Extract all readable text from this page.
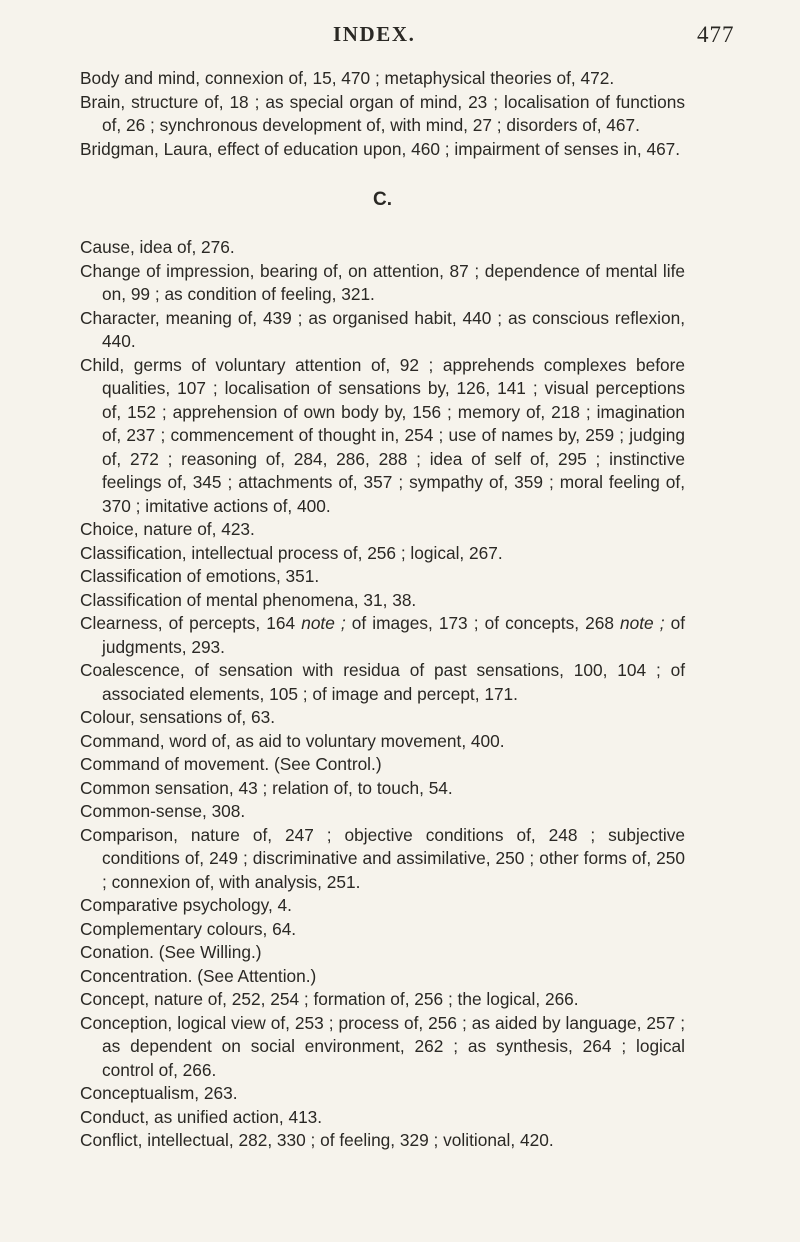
INDEX.	477

Body and mind, connexion of, 15, 470 ; metaphysical theories of, 472.

Brain, structure of, 18 ; as special organ of mind, 23 ; localisation of functions of, 26 ; synchronous development of, with mind, 27 ; disorders of, 467.

Bridgman, Laura, effect of education upon, 460 ; impairment of senses in, 467.

C.

Cause, idea of, 276.

Change of impression, bearing of, on attention, 87 ; dependence of mental life on, 99 ; as condition of feeling, 321.

Character, meaning of, 439 ; as organised habit, 440 ; as conscious reflexion, 440.

Child, germs of voluntary attention of, 92 ; apprehends complexes before qualities, 107 ; localisation of sensations by, 126, 141 ; visual perceptions of, 152 ; apprehension of own body by, 156 ; memory of, 218 ; imagination of, 237 ; commencement of thought in, 254 ; use of names by, 259 ; judging of, 272 ; reasoning of, 284, 286, 288 ; idea of self of, 295 ; instinctive feelings of, 345 ; attachments of, 357 ; sympathy of, 359 ; moral feeling of, 370 ; imitative actions of, 400.

Choice, nature of, 423.

Classification, intellectual process of, 256 ; logical, 267.

Classification of emotions, 351.

Classification of mental phenomena, 31, 38.

Clearness, of percepts, 164 note ; of images, 173 ; of concepts, 268 note ; of judgments, 293.

Coalescence, of sensation with residua of past sensations, 100, 104 ; of associated elements, 105 ; of image and percept, 171.

Colour, sensations of, 63.

Command, word of, as aid to voluntary movement, 400.

Command of movement. (See Control.)

Common sensation, 43 ; relation of, to touch, 54.

Common-sense, 308.

Comparison, nature of, 247 ; objective conditions of, 248 ; subjective conditions of, 249 ; discriminative and assimilative, 250 ; other forms of, 250 ; connexion of, with analysis, 251.

Comparative psychology, 4.

Complementary colours, 64.

Conation. (See Willing.)

Concentration. (See Attention.)

Concept, nature of, 252, 254 ; formation of, 256 ; the logical, 266.

Conception, logical view of, 253 ; process of, 256 ; as aided by language, 257 ; as dependent on social environment, 262 ; as synthesis, 264 ; logical control of, 266.

Conceptualism, 263.

Conduct, as unified action, 413.

Conflict, intellectual, 282, 330 ; of feeling, 329 ; volitional, 420.
